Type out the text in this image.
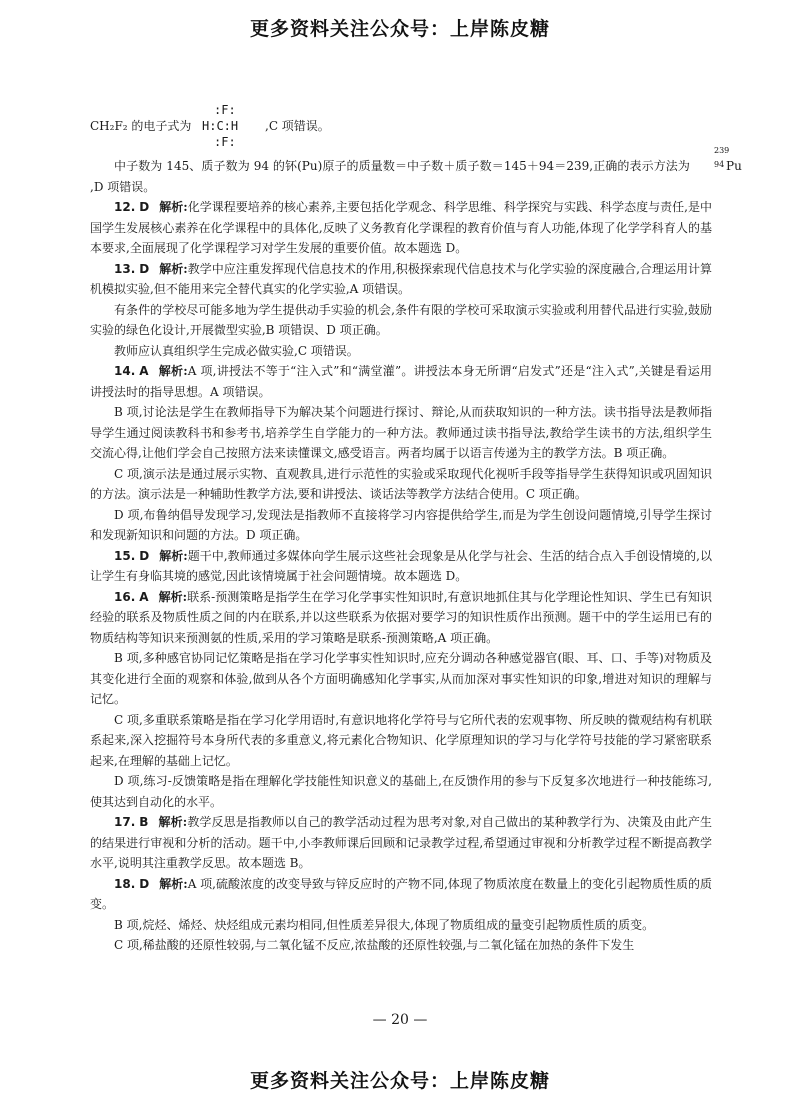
更多资料关注公众号：上岸陈皮糖
CH₂F₂ 的电子式为
:F:
H:C:H
:F:
,C 项错误。

中子数为 145、质子数为 94 的钚(Pu)原子的质量数＝中子数＋质子数＝145＋94＝239,正确的表示方法为
239
94 Pu
,D 项错误。

12. D 解析:化学课程要培养的核心素养,主要包括化学观念、科学思维、科学探究与实践、科学态度与责任,是中国学生发展核心素养在化学课程中的具体化,反映了义务教育化学课程的教育价值与育人功能,体现了化学学科育人的基本要求,全面展现了化学课程学习对学生发展的重要价值。故本题选 D。

13. D 解析:教学中应注重发挥现代信息技术的作用,积极探索现代信息技术与化学实验的深度融合,合理运用计算机模拟实验,但不能用来完全替代真实的化学实验,A 项错误。

有条件的学校尽可能多地为学生提供动手实验的机会,条件有限的学校可采取演示实验或利用替代品进行实验,鼓励实验的绿色化设计,开展微型实验,B 项错误、D 项正确。

教师应认真组织学生完成必做实验,C 项错误。

14. A 解析:A 项,讲授法不等于“注入式”和“满堂灌”。讲授法本身无所谓“启发式”还是“注入式”,关键是看运用讲授法时的指导思想。A 项错误。

B 项,讨论法是学生在教师指导下为解决某个问题进行探讨、辩论,从而获取知识的一种方法。读书指导法是教师指导学生通过阅读教科书和参考书,培养学生自学能力的一种方法。教师通过读书指导法,教给学生读书的方法,组织学生交流心得,让他们学会自己按照方法来读懂课文,感受语言。两者均属于以语言传递为主的教学方法。B 项正确。

C 项,演示法是通过展示实物、直观教具,进行示范性的实验或采取现代化视听手段等指导学生获得知识或巩固知识的方法。演示法是一种辅助性教学方法,要和讲授法、谈话法等教学方法结合使用。C 项正确。

D 项,布鲁纳倡导发现学习,发现法是指教师不直接将学习内容提供给学生,而是为学生创设问题情境,引导学生探讨和发现新知识和问题的方法。D 项正确。

15. D 解析:题干中,教师通过多媒体向学生展示这些社会现象是从化学与社会、生活的结合点入手创设情境的,以让学生有身临其境的感觉,因此该情境属于社会问题情境。故本题选 D。

16. A 解析:联系-预测策略是指学生在学习化学事实性知识时,有意识地抓住其与化学理论性知识、学生已有知识经验的联系及物质性质之间的内在联系,并以这些联系为依据对要学习的知识性质作出预测。题干中的学生运用已有的物质结构等知识来预测氨的性质,采用的学习策略是联系-预测策略,A 项正确。

B 项,多种感官协同记忆策略是指在学习化学事实性知识时,应充分调动各种感觉器官(眼、耳、口、手等)对物质及其变化进行全面的观察和体验,做到从各个方面明确感知化学事实,从而加深对事实性知识的印象,增进对知识的理解与记忆。

C 项,多重联系策略是指在学习化学用语时,有意识地将化学符号与它所代表的宏观事物、所反映的微观结构有机联系起来,深入挖掘符号本身所代表的多重意义,将元素化合物知识、化学原理知识的学习与化学符号技能的学习紧密联系起来,在理解的基础上记忆。

D 项,练习-反馈策略是指在理解化学技能性知识意义的基础上,在反馈作用的参与下反复多次地进行一种技能练习,使其达到自动化的水平。

17. B 解析:教学反思是指教师以自己的教学活动过程为思考对象,对自己做出的某种教学行为、决策及由此产生的结果进行审视和分析的活动。题干中,小李教师课后回顾和记录教学过程,希望通过审视和分析教学过程不断提高教学水平,说明其注重教学反思。故本题选 B。

18. D 解析:A 项,硫酸浓度的改变导致与锌反应时的产物不同,体现了物质浓度在数量上的变化引起物质性质的质变。

B 项,烷烃、烯烃、炔烃组成元素均相同,但性质差异很大,体现了物质组成的量变引起物质性质的质变。

C 项,稀盐酸的还原性较弱,与二氧化锰不反应,浓盐酸的还原性较强,与二氧化锰在加热的条件下发生

— 20 —
更多资料关注公众号：上岸陈皮糖
